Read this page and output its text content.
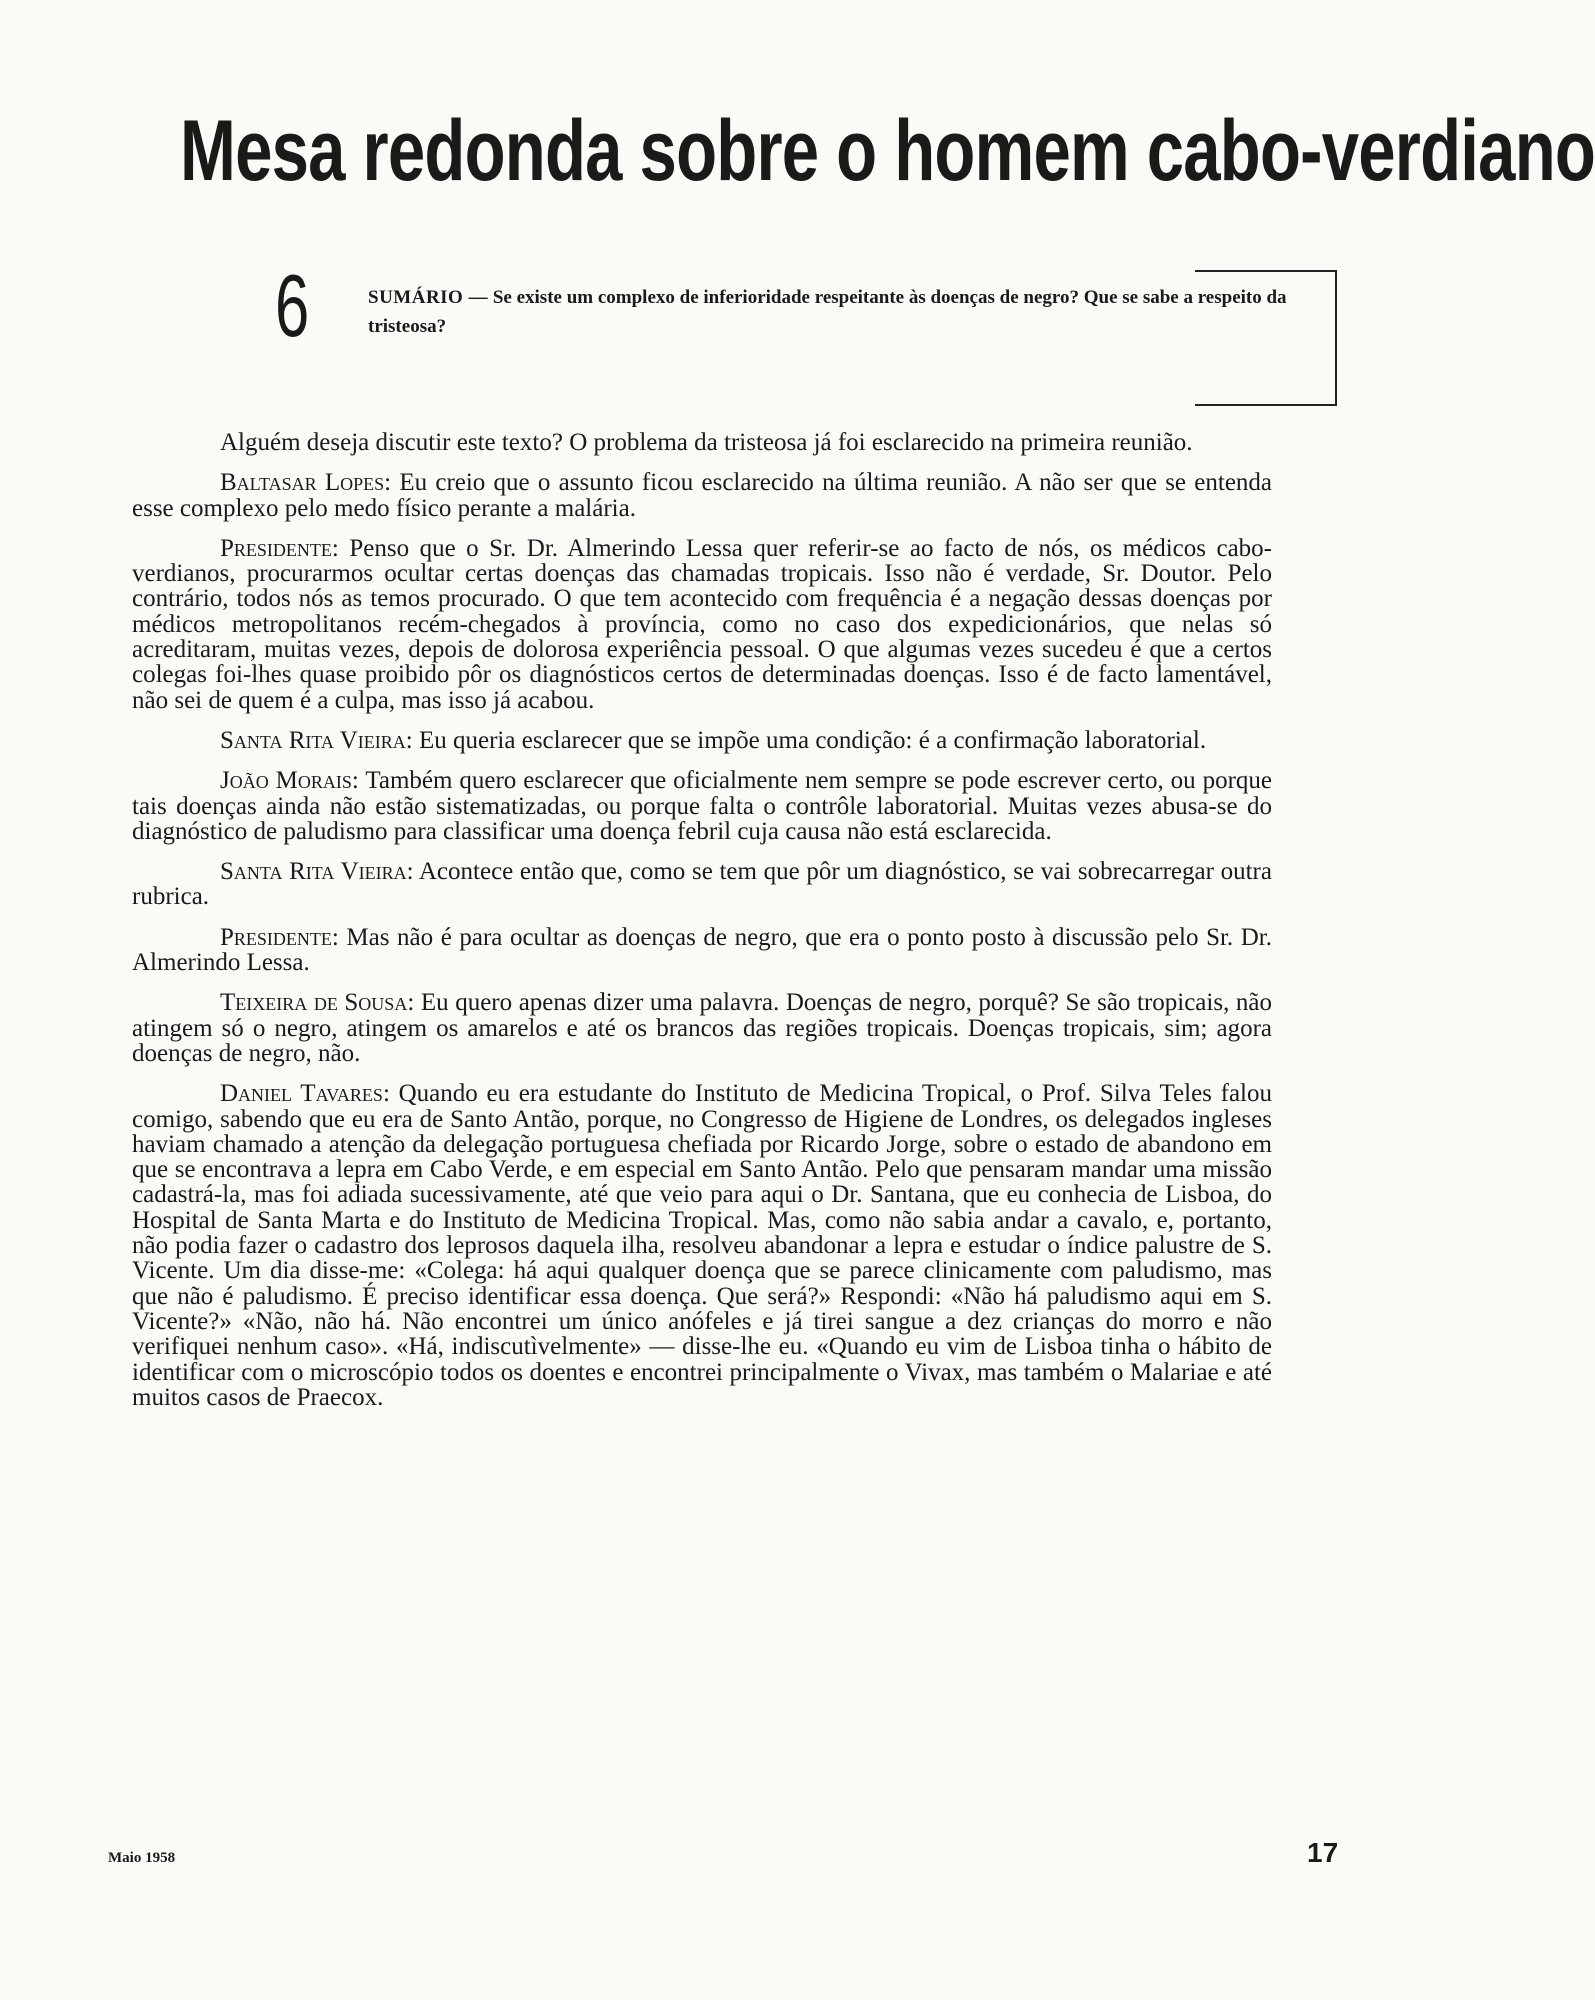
Mesa redonda sobre o homem cabo-verdiano
6	SUMÁRIO — Se existe um complexo de inferioridade respeitante às doenças de negro? Que se sabe a respeito da tristeosa?

Alguém deseja discutir este texto? O problema da tristeosa já foi esclarecido na primeira reunião.

Baltasar Lopes: Eu creio que o assunto ficou esclarecido na última reunião. A não ser que se entenda esse complexo pelo medo físico perante a malária.

Presidente: Penso que o Sr. Dr. Almerindo Lessa quer referir-se ao facto de nós, os médicos cabo-verdianos, procurarmos ocultar certas doenças das chamadas tropicais. Isso não é verdade, Sr. Doutor. Pelo contrário, todos nós as temos procurado. O que tem acontecido com frequência é a negação dessas doenças por médicos metropolitanos recém-chegados à província, como no caso dos expedicionários, que nelas só acreditaram, muitas vezes, depois de dolorosa experiência pessoal. O que algumas vezes sucedeu é que a certos colegas foi-lhes quase proibido pôr os diagnósticos certos de determinadas doenças. Isso é de facto lamentável, não sei de quem é a culpa, mas isso já acabou.

Santa Rita Vieira: Eu queria esclarecer que se impõe uma condição: é a confirmação laboratorial.

João Morais: Também quero esclarecer que oficialmente nem sempre se pode escrever certo, ou porque tais doenças ainda não estão sistematizadas, ou porque falta o contrôle laboratorial. Muitas vezes abusa-se do diagnóstico de paludismo para classificar uma doença febril cuja causa não está esclarecida.

Santa Rita Vieira: Acontece então que, como se tem que pôr um diagnóstico, se vai sobrecarregar outra rubrica.

Presidente: Mas não é para ocultar as doenças de negro, que era o ponto posto à discussão pelo Sr. Dr. Almerindo Lessa.

Teixeira de Sousa: Eu quero apenas dizer uma palavra. Doenças de negro, porquê? Se são tropicais, não atingem só o negro, atingem os amarelos e até os brancos das regiões tropicais. Doenças tropicais, sim; agora doenças de negro, não.

Daniel Tavares: Quando eu era estudante do Instituto de Medicina Tropical, o Prof. Silva Teles falou comigo, sabendo que eu era de Santo Antão, porque, no Congresso de Higiene de Londres, os delegados ingleses haviam chamado a atenção da delegação portuguesa chefiada por Ricardo Jorge, sobre o estado de abandono em que se encontrava a lepra em Cabo Verde, e em especial em Santo Antão. Pelo que pensaram mandar uma missão cadastrá-la, mas foi adiada sucessivamente, até que veio para aqui o Dr. Santana, que eu conhecia de Lisboa, do Hospital de Santa Marta e do Instituto de Medicina Tropical. Mas, como não sabia andar a cavalo, e, portanto, não podia fazer o cadastro dos leprosos daquela ilha, resolveu abandonar a lepra e estudar o índice palustre de S. Vicente. Um dia disse-me: «Colega: há aqui qualquer doença que se parece clinicamente com paludismo, mas que não é paludismo. É preciso identificar essa doença. Que será?» Respondi: «Não há paludismo aqui em S. Vicente?» «Não, não há. Não encontrei um único anófeles e já tirei sangue a dez crianças do morro e não verifiquei nenhum caso». «Há, indiscutìvelmente» — disse-lhe eu. «Quando eu vim de Lisboa tinha o hábito de identificar com o microscópio todos os doentes e encontrei principalmente o Vivax, mas também o Malariae e até muitos casos de Praecox.

Maio 1958	17
